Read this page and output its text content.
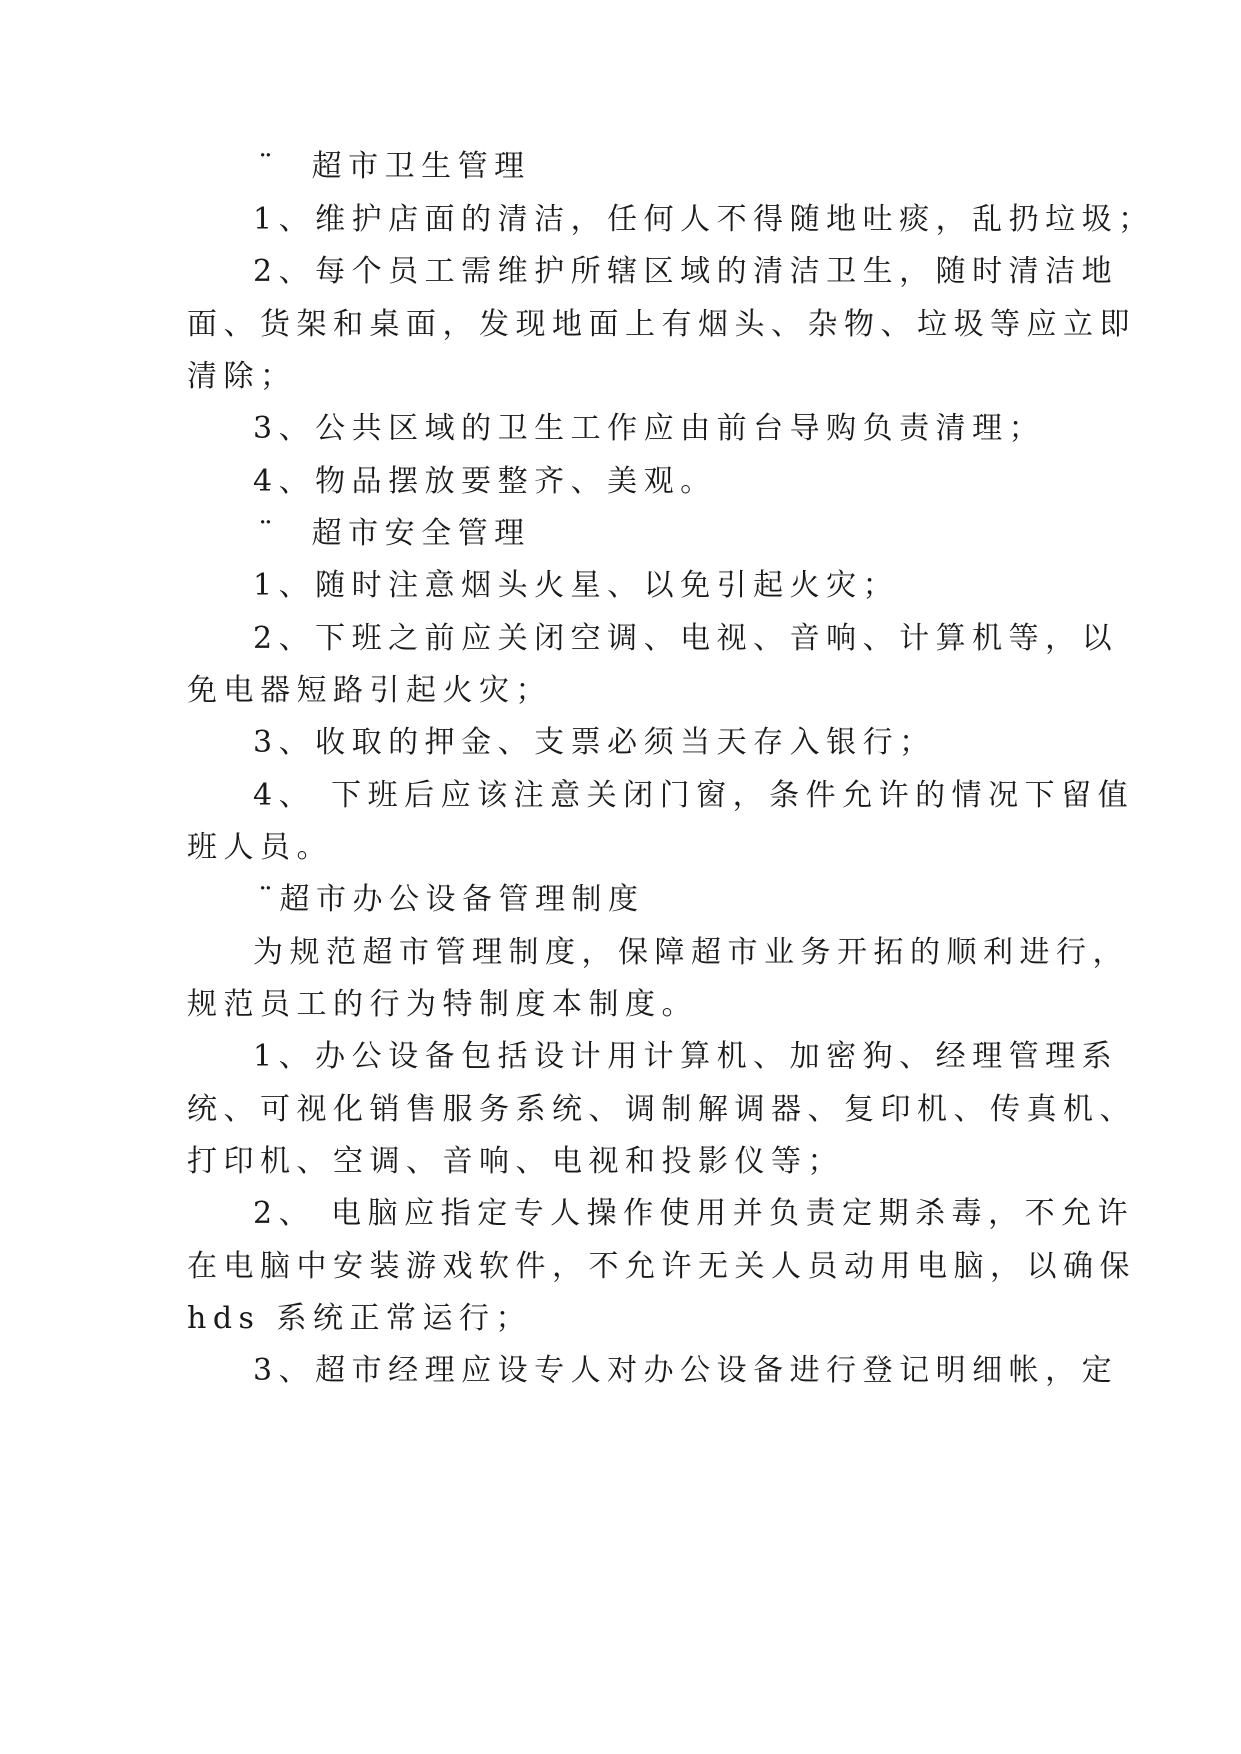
¨  超市卫生管理
1、维护店面的清洁，任何人不得随地吐痰，乱扔垃圾；
2、每个员工需维护所辖区域的清洁卫生，随时清洁地
面、货架和桌面，发现地面上有烟头、杂物、垃圾等应立即
清除；
3、公共区域的卫生工作应由前台导购负责清理；
4、物品摆放要整齐、美观。
¨  超市安全管理
1、随时注意烟头火星、以免引起火灾；
2、下班之前应关闭空调、电视、音响、计算机等，以
免电器短路引起火灾；
3、收取的押金、支票必须当天存入银行；
4、 下班后应该注意关闭门窗，条件允许的情况下留值
班人员。
¨超市办公设备管理制度
为规范超市管理制度，保障超市业务开拓的顺利进行，
规范员工的行为特制度本制度。
1、办公设备包括设计用计算机、加密狗、经理管理系
统、可视化销售服务系统、调制解调器、复印机、传真机、
打印机、空调、音响、电视和投影仪等；
2、 电脑应指定专人操作使用并负责定期杀毒，不允许
在电脑中安装游戏软件，不允许无关人员动用电脑，以确保
hds 系统正常运行；
3、超市经理应设专人对办公设备进行登记明细帐，定
